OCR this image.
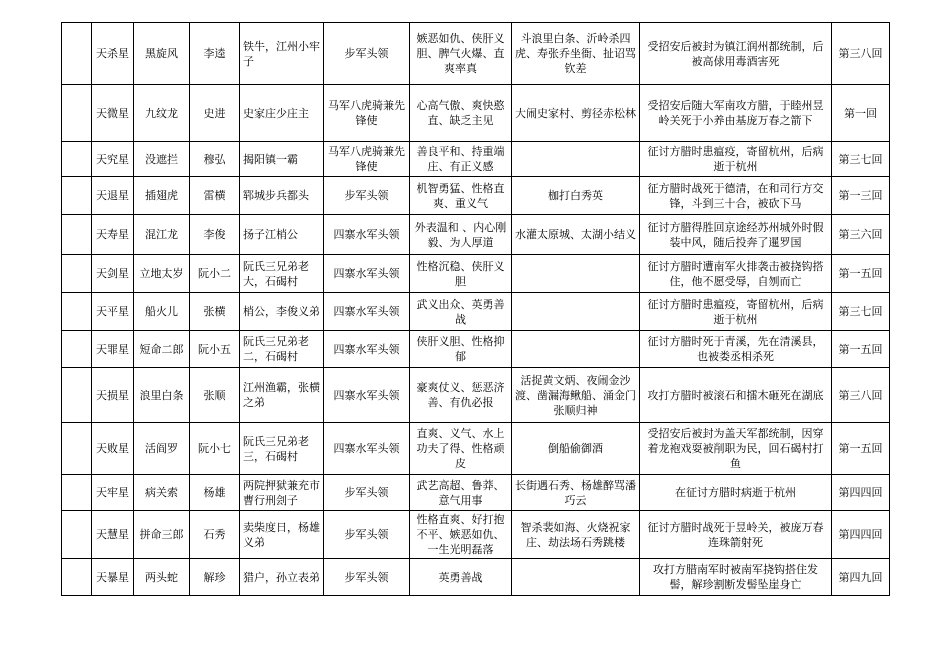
	天杀星	黑旋风	李逵	铁牛，江州小牢子	步军头领	嫉恶如仇、侠肝义胆、脾气火爆、直爽率真	斗浪里白条、沂岭杀四虎、寿张乔坐衙、扯诏骂钦差	受招安后被封为镇江润州都统制，后被高俅用毒酒害死	第三八回
	天微星	九纹龙	史进	史家庄少庄主	马军八虎骑兼先锋使	心高气傲、爽快憨直、缺乏主见	大闹史家村、剪径赤松林	受招安后随大军南攻方腊，于睦州昱岭关死于小养由基庞万春之箭下	第一回
	天究星	没遮拦	穆弘	揭阳镇一霸	马军八虎骑兼先锋使	善良平和、持重端庄、有正义感		征讨方腊时患瘟疫，寄留杭州，后病逝于杭州	第三七回
	天退星	插翅虎	雷横	郓城步兵都头	步军头领	机智勇猛、性格直爽、重义气	枷打白秀英	征方腊时战死于德清，在和司行方交锋，斗到三十合，被砍下马	第一三回
	天寿星	混江龙	李俊	扬子江梢公	四寨水军头领	外表温和 、内心刚毅、为人厚道	水灌太原城、太湖小结义	征讨方腊得胜回京途经苏州城外时假装中风，随后投奔了暹罗国	第三六回
	天剑星	立地太岁	阮小二	阮氏三兄弟老大，石碣村	四寨水军头领	性格沉稳、侠肝义胆		征讨方腊时遭南军火排袭击被挠钩搭住，他不愿受辱，自刎而亡	第一五回
	天平星	船火儿	张横	梢公，李俊义弟	四寨水军头领	武义出众、英勇善战		征讨方腊时患瘟疫，寄留杭州，后病逝于杭州	第三七回
	天罪星	短命二郎	阮小五	阮氏三兄弟老二，石碣村	四寨水军头领	侠肝义胆、性格抑郁		征讨方腊时死于青溪，先在清溪县，也被娄丞相杀死	第一五回
	天损星	浪里白条	张顺	江州渔霸，张横之弟	四寨水军头领	豪爽仗义、惩恶济善、有仇必报	活捉黄文炳、夜闹金沙渡、凿漏海鳅船、涌金门张顺归神	攻打方腊时被滚石和擂木砸死在湖底	第三八回
	天败星	活阎罗	阮小七	阮氏三兄弟老三，石碣村	四寨水军头领	直爽、义气、水上功夫了得、性格顽皮	倒船偷御酒	受招安后被封为盖天军都统制，因穿着龙袍戏耍被削职为民，回石碣村打鱼	第一五回
	天牢星	病关索	杨雄	两院押狱兼充市曹行刑刽子	步军头领	武艺高超、鲁莽、意气用事	长街遇石秀、杨雄醉骂潘巧云	在征讨方腊时病逝于杭州	第四四回
	天慧星	拼命三郎	石秀	卖柴度日，杨雄义弟	步军头领	性格直爽、好打抱不平、嫉恶如仇、一生光明磊落	智杀裴如海、火烧祝家庄、劫法场石秀跳楼	征讨方腊时战死于昱岭关，被庞万春连珠箭射死	第四四回
	天暴星	两头蛇	解珍	猎户，孙立表弟	步军头领	英勇善战		攻打方腊南军时被南军挠钩搭住发髻，解珍割断发髻坠崖身亡	第四九回
